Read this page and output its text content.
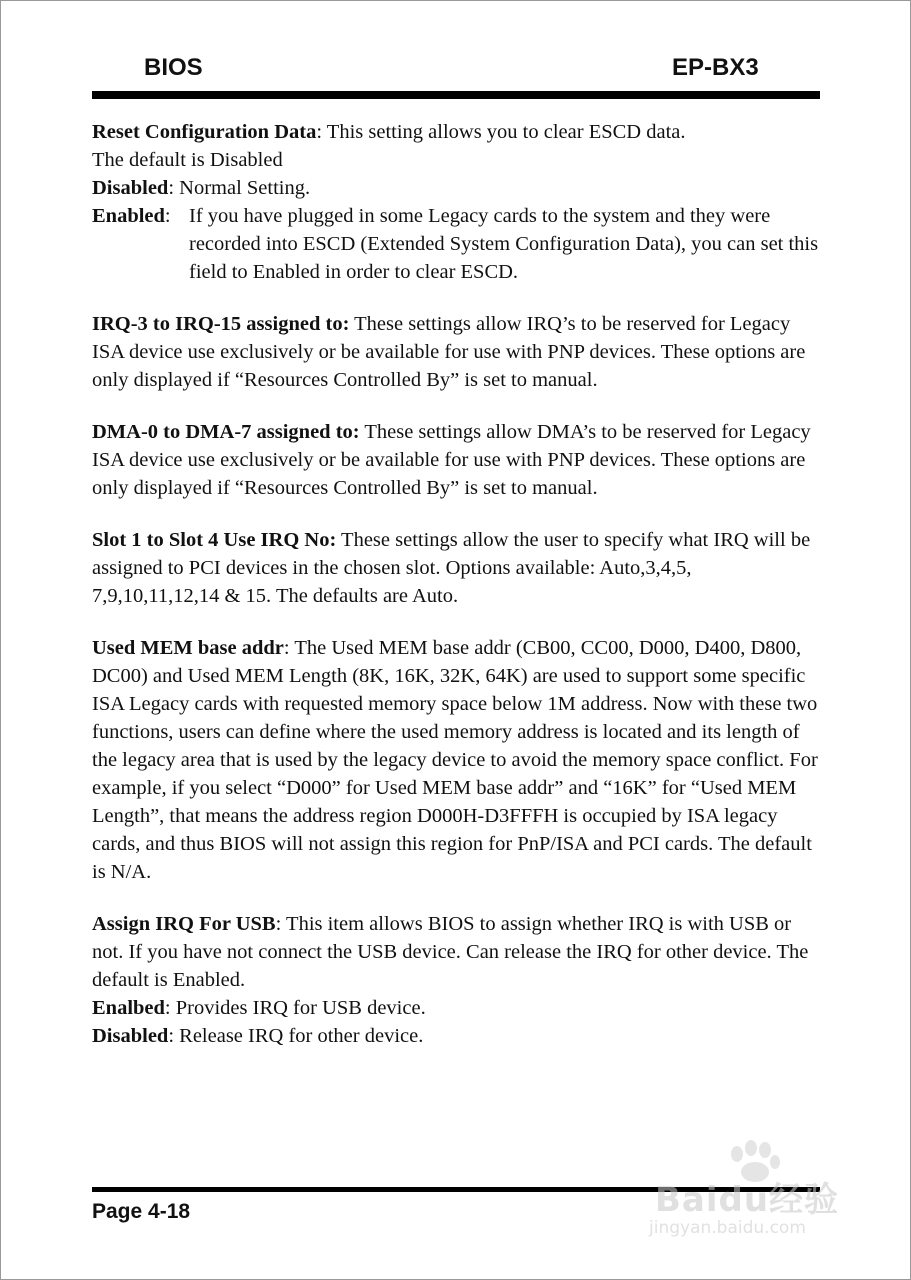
BIOS	EP-BX3

Reset Configuration Data: This setting allows you to clear ESCD data.

The default is Disabled

Disabled: Normal Setting.

Enabled: If you have plugged in some Legacy cards to the system and they were recorded into ESCD (Extended System Configuration Data), you can set this field to Enabled in order to clear ESCD.

IRQ-3 to IRQ-15 assigned to: These settings allow IRQ’s to be reserved for Legacy ISA device use exclusively or be available for use with PNP devices. These options are only displayed if “Resources Controlled By” is set to manual.

DMA-0 to DMA-7 assigned to: These settings allow DMA’s to be reserved for Legacy ISA device use exclusively or be available for use with PNP devices. These options are only displayed if “Resources Controlled By” is set to manual.

Slot 1 to Slot 4 Use IRQ No: These settings allow the user to specify what IRQ will be assigned to PCI devices in the chosen slot. Options available: Auto,3,4,5, 7,9,10,11,12,14 & 15. The defaults are Auto.

Used MEM base addr: The Used MEM base addr (CB00, CC00, D000, D400, D800, DC00) and Used MEM Length (8K, 16K, 32K, 64K) are used to support some specific ISA Legacy cards with requested memory space below 1M address. Now with these two functions, users can define where the used memory address is located and its length of the legacy area that is used by the legacy device to avoid the memory space conflict. For example, if you select “D000” for Used MEM base addr” and “16K” for “Used MEM Length”, that means the address region D000H-D3FFFH is occupied by ISA legacy cards, and thus BIOS will not assign this region for PnP/ISA and PCI cards. The default is N/A.

Assign IRQ For USB: This item allows BIOS to assign whether IRQ is with USB or not. If you have not connect the USB device. Can release the IRQ for other device. The default is Enabled.

Enalbed: Provides IRQ for USB device.

Disabled: Release IRQ for other device.

Page 4-18	Baidu经验
jingyan.baidu.com
